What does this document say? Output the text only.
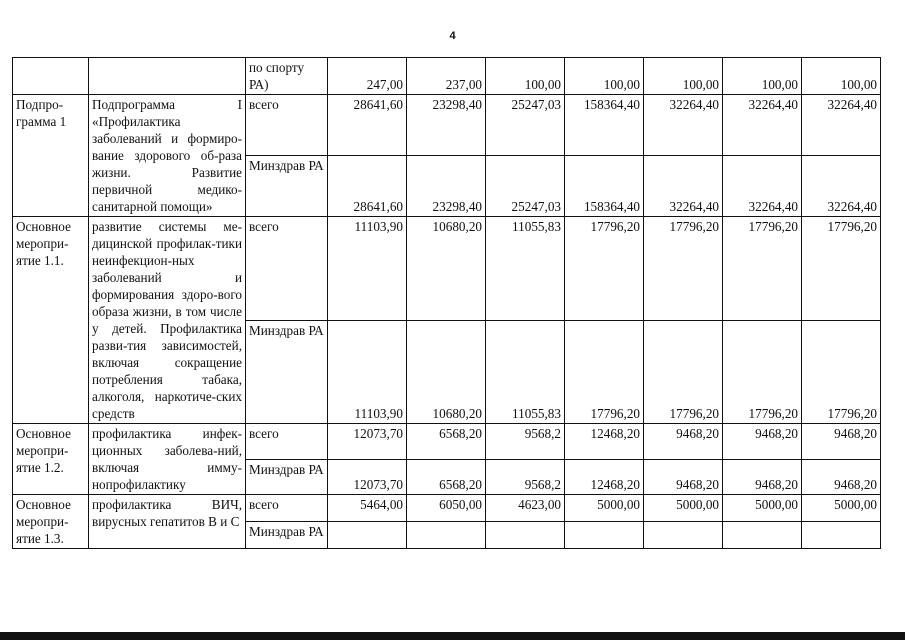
4
		по спорту РА)	247,00	237,00	100,00	100,00	100,00	100,00	100,00
Подпро-грамма 1	Подпрограмма I «Профилактика заболеваний и формиро-вание здорового об-раза жизни. Развитие первичной медико-санитарной помощи»	всего	28641,60	23298,40	25247,03	158364,40	32264,40	32264,40	32264,40
		Минздрав РА	28641,60	23298,40	25247,03	158364,40	32264,40	32264,40	32264,40
Основное меропри-ятие 1.1.	развитие системы ме-дицинской профилак-тики неинфекцион-ных заболеваний и формирования здоро-вого образа жизни, в том числе у детей. Профилактика разви-тия зависимостей, включая сокращение потребления табака, алкоголя, наркотиче-ских средств	всего	11103,90	10680,20	11055,83	17796,20	17796,20	17796,20	17796,20
		Минздрав РА	11103,90	10680,20	11055,83	17796,20	17796,20	17796,20	17796,20
Основное меропри-ятие 1.2.	профилактика инфек-ционных заболева-ний, включая имму-нопрофилактику	всего	12073,70	6568,20	9568,2	12468,20	9468,20	9468,20	9468,20
		Минздрав РА	12073,70	6568,20	9568,2	12468,20	9468,20	9468,20	9468,20
Основное меропри-ятие 1.3.	профилактика ВИЧ, вирусных гепатитов В и С	всего	5464,00	6050,00	4623,00	5000,00	5000,00	5000,00	5000,00
		Минздрав РА							
